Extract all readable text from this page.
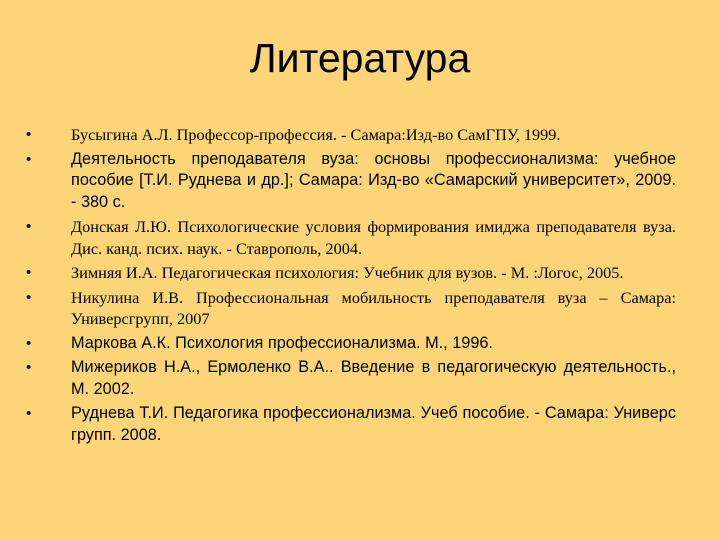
Литература
• Бусыгина А.Л. Профессор-профессия. - Самара:Изд-во СамГПУ, 1999.
• Деятельность преподавателя вуза: основы профессионализма: учебное пособие [Т.И. Руднева и др.]; Самара: Изд-во «Самарский университет», 2009. - 380 с.
• Донская Л.Ю. Психологические условия формирования имиджа преподавателя вуза. Дис. канд. псих. наук. - Ставрополь, 2004.
• Зимняя И.А. Педагогическая психология: Учебник для вузов. - М. :Логос, 2005.
• Никулина И.В. Профессиональная мобильность преподавателя вуза – Самара: Универсгрупп, 2007
• Маркова А.К. Психология профессионализма. М., 1996.
• Мижериков Н.А., Ермоленко В.А.. Введение в педагогическую деятельность., М. 2002.
• Руднева Т.И. Педагогика профессионализма. Учеб пособие. - Самара: Универс групп. 2008.
